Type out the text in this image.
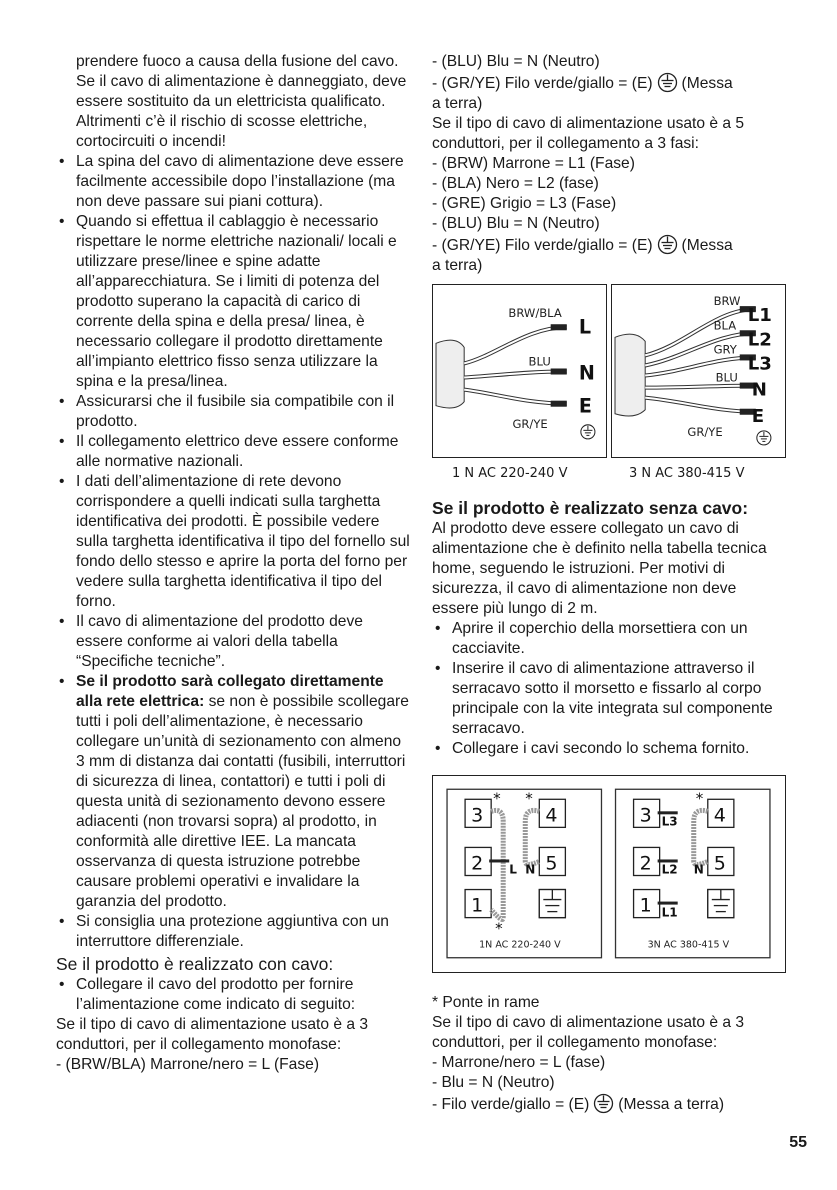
prendere fuoco a causa della fusione del cavo. Se il cavo di alimentazione è danneggiato, deve essere sostituito da un elettricista qualificato. Altrimenti c’è il rischio di scosse elettriche, cortocircuiti o incendi!

• La spina del cavo di alimentazione deve essere facilmente accessibile dopo l’installazione (ma non deve passare sui piani cottura).
• Quando si effettua il cablaggio è necessario rispettare le norme elettriche nazionali/ locali e utilizzare prese/linee e spine adatte all’apparecchiatura. Se i limiti di potenza del prodotto superano la capacità di carico di corrente della spina e della presa/ linea, è necessario collegare il prodotto direttamente all’impianto elettrico fisso senza utilizzare la spina e la presa/linea.
• Assicurarsi che il fusibile sia compatibile con il prodotto.
• Il collegamento elettrico deve essere conforme alle normative nazionali.
• I dati dell’alimentazione di rete devono corrispondere a quelli indicati sulla targhetta identificativa dei prodotti. È possibile vedere sulla targhetta identificativa il tipo del fornello sul fondo dello stesso e aprire la porta del forno per vedere sulla targhetta identificativa il tipo del forno.
• Il cavo di alimentazione del prodotto deve essere conforme ai valori della tabella “Specifiche tecniche”.
• Se il prodotto sarà collegato direttamente alla rete elettrica: se non è possibile scollegare tutti i poli dell’alimentazione, è necessario collegare un’unità di sezionamento con almeno 3 mm di distanza dai contatti (fusibili, interruttori di sicurezza di linea, contattori) e tutti i poli di questa unità di sezionamento devono essere adiacenti (non trovarsi sopra) al prodotto, in conformità alle direttive IEE. La mancata osservanza di questa istruzione potrebbe causare problemi operativi e invalidare la garanzia del prodotto.
• Si consiglia una protezione aggiuntiva con un interruttore differenziale.
Se il prodotto è realizzato con cavo:
• Collegare il cavo del prodotto per fornire l’alimentazione come indicato di seguito:

Se il tipo di cavo di alimentazione usato è a 3 conduttori, per il collegamento monofase:

- (BRW/BLA) Marrone/nero = L (Fase)

- (BLU) Blu = N (Neutro)

- (GR/YE) Filo verde/giallo = (E) (Messa

a terra)

Se il tipo di cavo di alimentazione usato è a 5 conduttori, per il collegamento a 3 fasi:

- (BRW) Marrone = L1 (Fase)

- (BLA) Nero = L2 (fase)

- (GRE) Grigio = L3 (Fase)

- (BLU) Blu = N (Neutro)

- (GR/YE) Filo verde/giallo = (E) (Messa

a terra)

BRW/BLA
BLU
GR/YE
L
N
E
BRW
BLA
GRY
BLU
GR/YE
L1
L2
L3
N
E
1 N AC 220-240 V	3 N AC 380-415 V
Se il prodotto è realizzato senza cavo:

Al prodotto deve essere collegato un cavo di alimentazione che è definito nella tabella tecnica home, seguendo le istruzioni. Per motivi di sicurezza, il cavo di alimentazione non deve essere più lungo di 2 m.

• Aprire il coperchio della morsettiera con un cacciavite.
• Inserire il cavo di alimentazione attraverso il serracavo sotto il morsetto e fissarlo al corpo principale con la vite integrata sul componente serracavo.
• Collegare i cavi secondo lo schema fornito.
3	4
2	5
1
* *
*
L N
1N AC 220-240 V
3	4
2	5
1
*
L3
L2
L1
N
3N AC 380-415 V

* Ponte in rame

Se il tipo di cavo di alimentazione usato è a 3 conduttori, per il collegamento monofase:

- Marrone/nero = L (fase)

- Blu = N (Neutro)

- Filo verde/giallo = (E) (Messa a terra)

55
